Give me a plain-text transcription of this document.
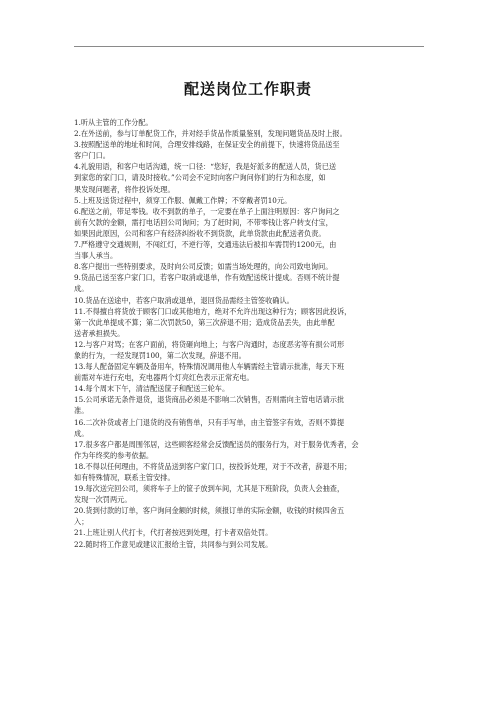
配送岗位工作职责
1.听从主管的工作分配。
2.在外送前，参与订单配货工作，并对经手货品作质量鉴别，发现问题货品及时上报。
3.按照配送单的地址和时间，合理安排线路，在保证安全的前提下，快速将货品送至
客户门口。
4.礼貌用语，和客户电话沟通，统一口径：“您好，我是好派多的配送人员，货已送
到家您的家门口，请及时接收。”公司会不定时向客户询问你们的行为和态度，如
果发现问题者，将作投诉处理。
5.上班及送货过程中，须穿工作服、佩戴工作牌；不穿戴者罚10元。
6.配送之前，带足零钱。收不到款的单子，一定要在单子上面注明原因：客户询问之
前有欠款的金额，需打电话回公司询问；为了赶时间，不带零钱让客户转支付宝，
如果因此原因，公司和客户有经济纠纷收不到货款，此单货款由此配送者负责。
7.严格遵守交通规则，不闯红灯，不逆行等，交通违法后被扣车需罚钓1200元，由
当事人承当。
8.客户提出一些特别要求，及时向公司反馈；如需当场处理的，向公司致电询问。
9.货品已送至客户家门口，若客户取消或退单，作有效配送统计提成。否则不统计提
成。
10.货品在送途中，若客户取消或退单，退回货品需经主管签收确认。
11.不得擅自将货放于顾客门口或其他地方，绝对不允许出现这种行为；顾客因此投诉，
第一次此单提成不算；第二次罚款50，第三次辞退不用；造成货品丢失，由此单配
送者承担损失。
12.与客户对骂；在客户面前，将货砸向地上；与客户沟通时，态度恶劣等有损公司形
象的行为，一经发现罚100，第二次发现，辞退不用。
13.每人配备固定车辆及备用车，特殊情况调用他人车辆需经主管请示批准，每天下班
前需对车进行充电，充电器两个灯亮红色表示正常充电。
14.每个周末下午，清洁配送筐子和配送三轮车。
15.公司承诺无条件退货，退货商品必须是不影响二次销售，否则需向主管电话请示批
准。
16.二次补货或者上门退货的没有销售单，只有手写单，由主管签字有效，否则不算提
成。
17.很多客户都是周围邻居，这些顾客经常会反馈配送员的服务行为，对于服务优秀者，会
作为年终奖的参考依据。
18.不得以任何理由，不将货品送到客户家门口，按投诉处理，对于不改者，辞退不用；
如有特殊情况，联系主管安排。
19.每次送完回公司，须将车子上的筐子放到车间，尤其是下班阶段，负责人会抽查，
发现一次罚两元。
20.货到付款的订单，客户询问金额的时候，须报订单的实际金额，收钱的时候四舍五
入；
21.上班让别人代打卡，代打者按迟到处理，打卡者双倍处罚。
22.随时将工作意见或建议汇报给主管，共同参与到公司发展。
